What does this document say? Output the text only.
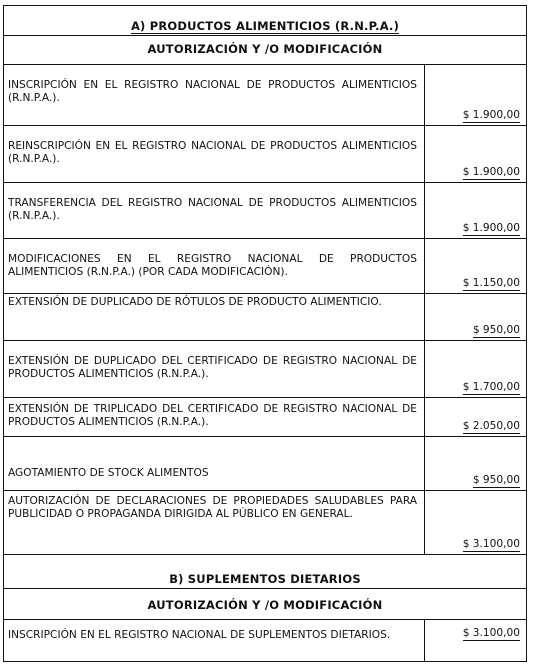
A) PRODUCTOS ALIMENTICIOS (R.N.P.A.)
AUTORIZACIÓN Y /O MODIFICACIÓN
INSCRIPCIÓN EN EL REGISTRO NACIONAL DE PRODUCTOS ALIMENTICIOS (R.N.P.A.).
$ 1.900,00
REINSCRIPCIÓN EN EL REGISTRO NACIONAL DE PRODUCTOS ALIMENTICIOS (R.N.P.A.).
$ 1.900,00
TRANSFERENCIA DEL REGISTRO NACIONAL DE PRODUCTOS ALIMENTICIOS (R.N.P.A.).
$ 1.900,00
MODIFICACIONES EN EL REGISTRO NACIONAL DE PRODUCTOS ALIMENTICIOS (R.N.P.A.) (POR CADA MODIFICACIÓN).
$ 1.150,00
EXTENSIÓN DE DUPLICADO DE RÓTULOS DE PRODUCTO ALIMENTICIO.
$ 950,00
EXTENSIÓN DE DUPLICADO DEL CERTIFICADO DE REGISTRO NACIONAL DE PRODUCTOS ALIMENTICIOS (R.N.P.A.).
$ 1.700,00
EXTENSIÓN DE TRIPLICADO DEL CERTIFICADO DE REGISTRO NACIONAL DE PRODUCTOS ALIMENTICIOS (R.N.P.A.).	$ 2.050,00
AGOTAMIENTO DE STOCK ALIMENTOS
$ 950,00
AUTORIZACIÓN DE DECLARACIONES DE PROPIEDADES SALUDABLES PARA PUBLICIDAD O PROPAGANDA DIRIGIDA AL PÚBLICO EN GENERAL.
$ 3.100,00
B) SUPLEMENTOS DIETARIOS
AUTORIZACIÓN Y /O MODIFICACIÓN
INSCRIPCIÓN EN EL REGISTRO NACIONAL DE SUPLEMENTOS DIETARIOS.	$ 3.100,00
